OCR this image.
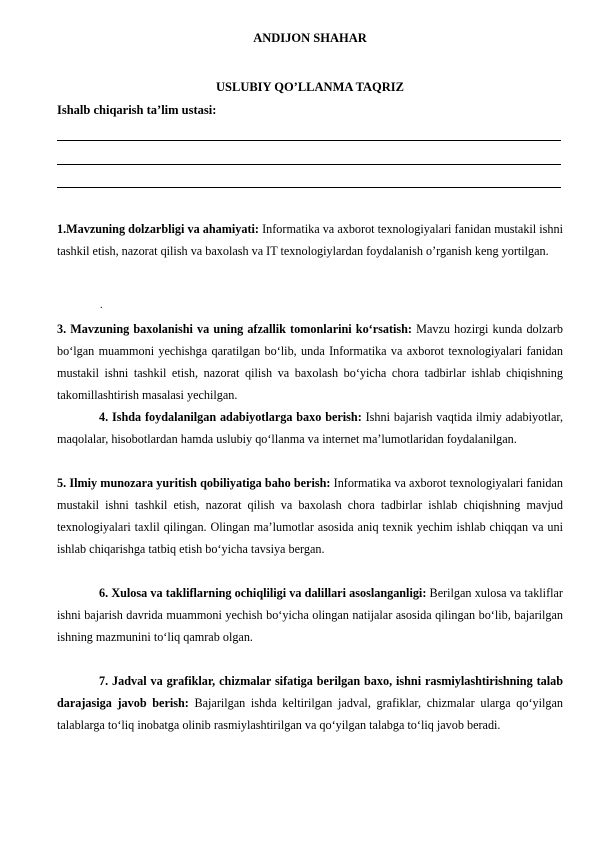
ANDIJON SHAHAR
USLUBIY QO’LLANMA TAQRIZ
Ishalb chiqarish ta’lim ustasi:
1.Mavzuning dolzarbligi va ahamiyati: Informatika va axborot texnologiyalari fanidan mustakil ishni tashkil etish, nazorat qilish va baxolash va IT texnologiylardan foydalanish o’rganish keng yortilgan.
.
3. Mavzuning baxolanishi va uning afzallik tomonlarini ko‘rsatish: Mavzu hozirgi kunda dolzarb bo‘lgan muammoni yechishga qaratilgan bo‘lib, unda Informatika va axborot texnologiyalari fanidan mustakil ishni tashkil etish, nazorat qilish va baxolash bo‘yicha chora tadbirlar ishlab chiqishning takomillashtirish masalasi yechilgan.
4. Ishda foydalanilgan adabiyotlarga baxo berish: Ishni bajarish vaqtida ilmiy adabiyotlar, maqolalar, hisobotlardan hamda uslubiy qo‘llanma va internet ma’lumotlaridan foydalanilgan.
5. Ilmiy munozara yuritish qobiliyatiga baho berish: Informatika va axborot texnologiyalari fanidan mustakil ishni tashkil etish, nazorat qilish va baxolash chora tadbirlar ishlab chiqishning mavjud texnologiyalari taxlil qilingan. Olingan ma’lumotlar asosida aniq texnik yechim ishlab chiqqan va uni ishlab chiqarishga tatbiq etish bo‘yicha tavsiya bergan.
6. Xulosa va takliflarning ochiqliligi va dalillari asoslanganligi: Berilgan xulosa va takliflar ishni bajarish davrida muammoni yechish bo‘yicha olingan natijalar asosida qilingan bo‘lib, bajarilgan ishning mazmunini to‘liq qamrab olgan.
7. Jadval va grafiklar, chizmalar sifatiga berilgan baxo, ishni rasmiylashtirishning talab darajasiga javob berish: Bajarilgan ishda keltirilgan jadval, grafiklar, chizmalar ularga qo‘yilgan talablarga to‘liq inobatga olinib rasmiylashtirilgan va qo‘yilgan talabga to‘liq javob beradi.
